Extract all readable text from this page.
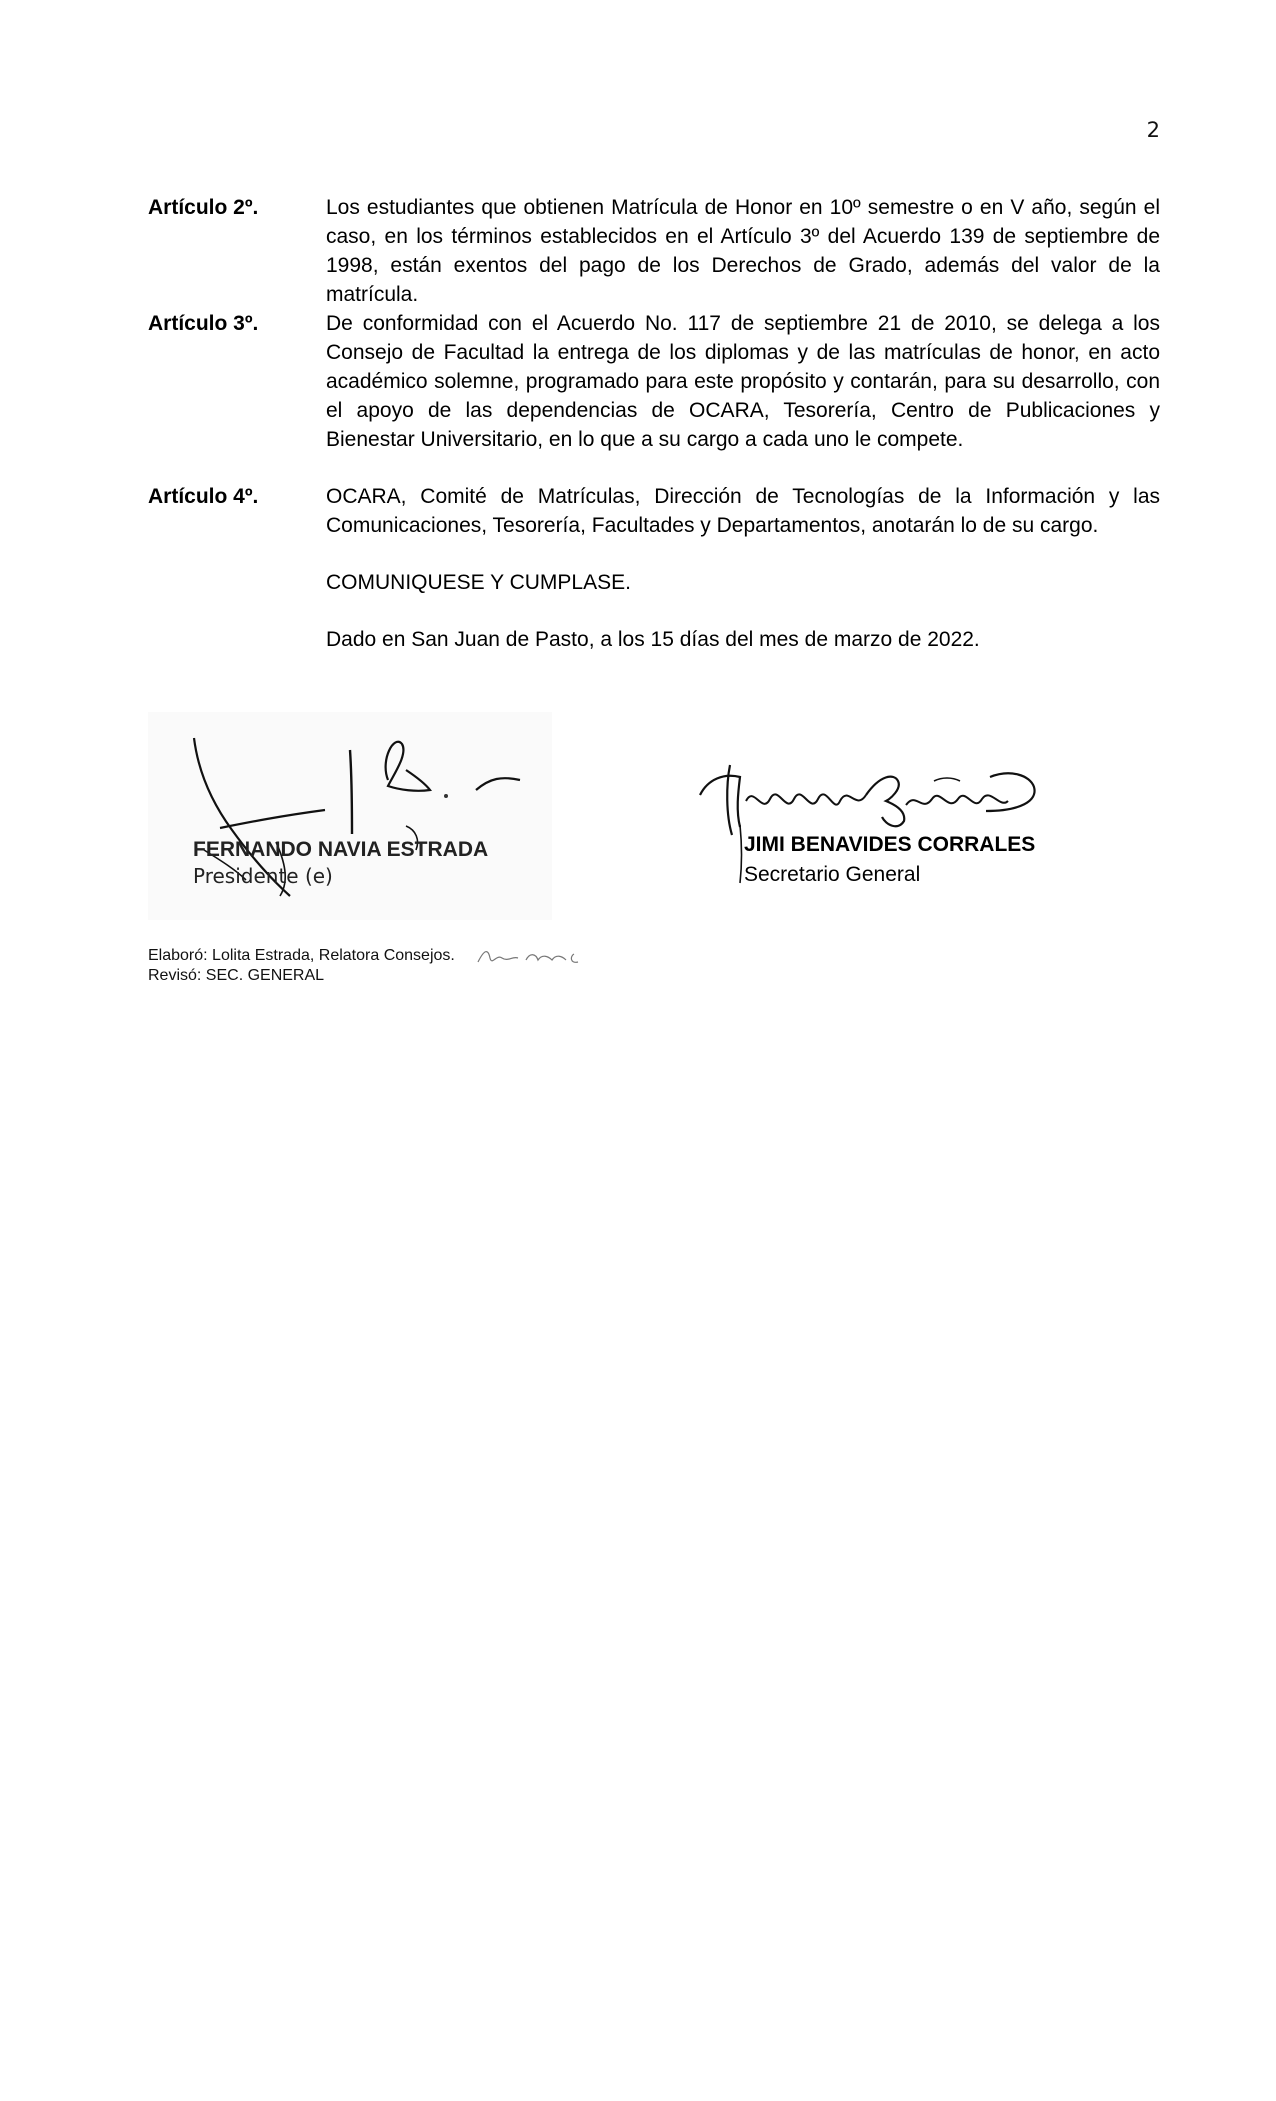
2
Artículo 2º.	Los estudiantes que obtienen Matrícula de Honor en 10º semestre o en V año, según el caso, en los términos establecidos en el Artículo 3º del Acuerdo 139 de septiembre de 1998, están exentos del pago de los Derechos de Grado, además del valor de la matrícula.
Artículo 3º.	De conformidad con el Acuerdo No. 117 de septiembre 21 de 2010, se delega a los Consejo de Facultad la entrega de los diplomas y de las matrículas de honor, en acto académico solemne, programado para este propósito y contarán, para su desarrollo, con el apoyo de las dependencias de OCARA, Tesorería, Centro de Publicaciones y Bienestar Universitario, en lo que a su cargo a cada uno le compete.
Artículo 4º.	OCARA, Comité de Matrículas, Dirección de Tecnologías de la Información y las Comunicaciones, Tesorería, Facultades y Departamentos, anotarán lo de su cargo.
COMUNIQUESE Y CUMPLASE.
Dado en San Juan de Pasto, a los 15 días del mes de marzo de 2022.
FERNANDO NAVIA ESTRADA
Presidente (e)
JIMI BENAVIDES CORRALES
Secretario General
Elaboró: Lolita Estrada, Relatora Consejos.
Revisó: SEC. GENERAL
